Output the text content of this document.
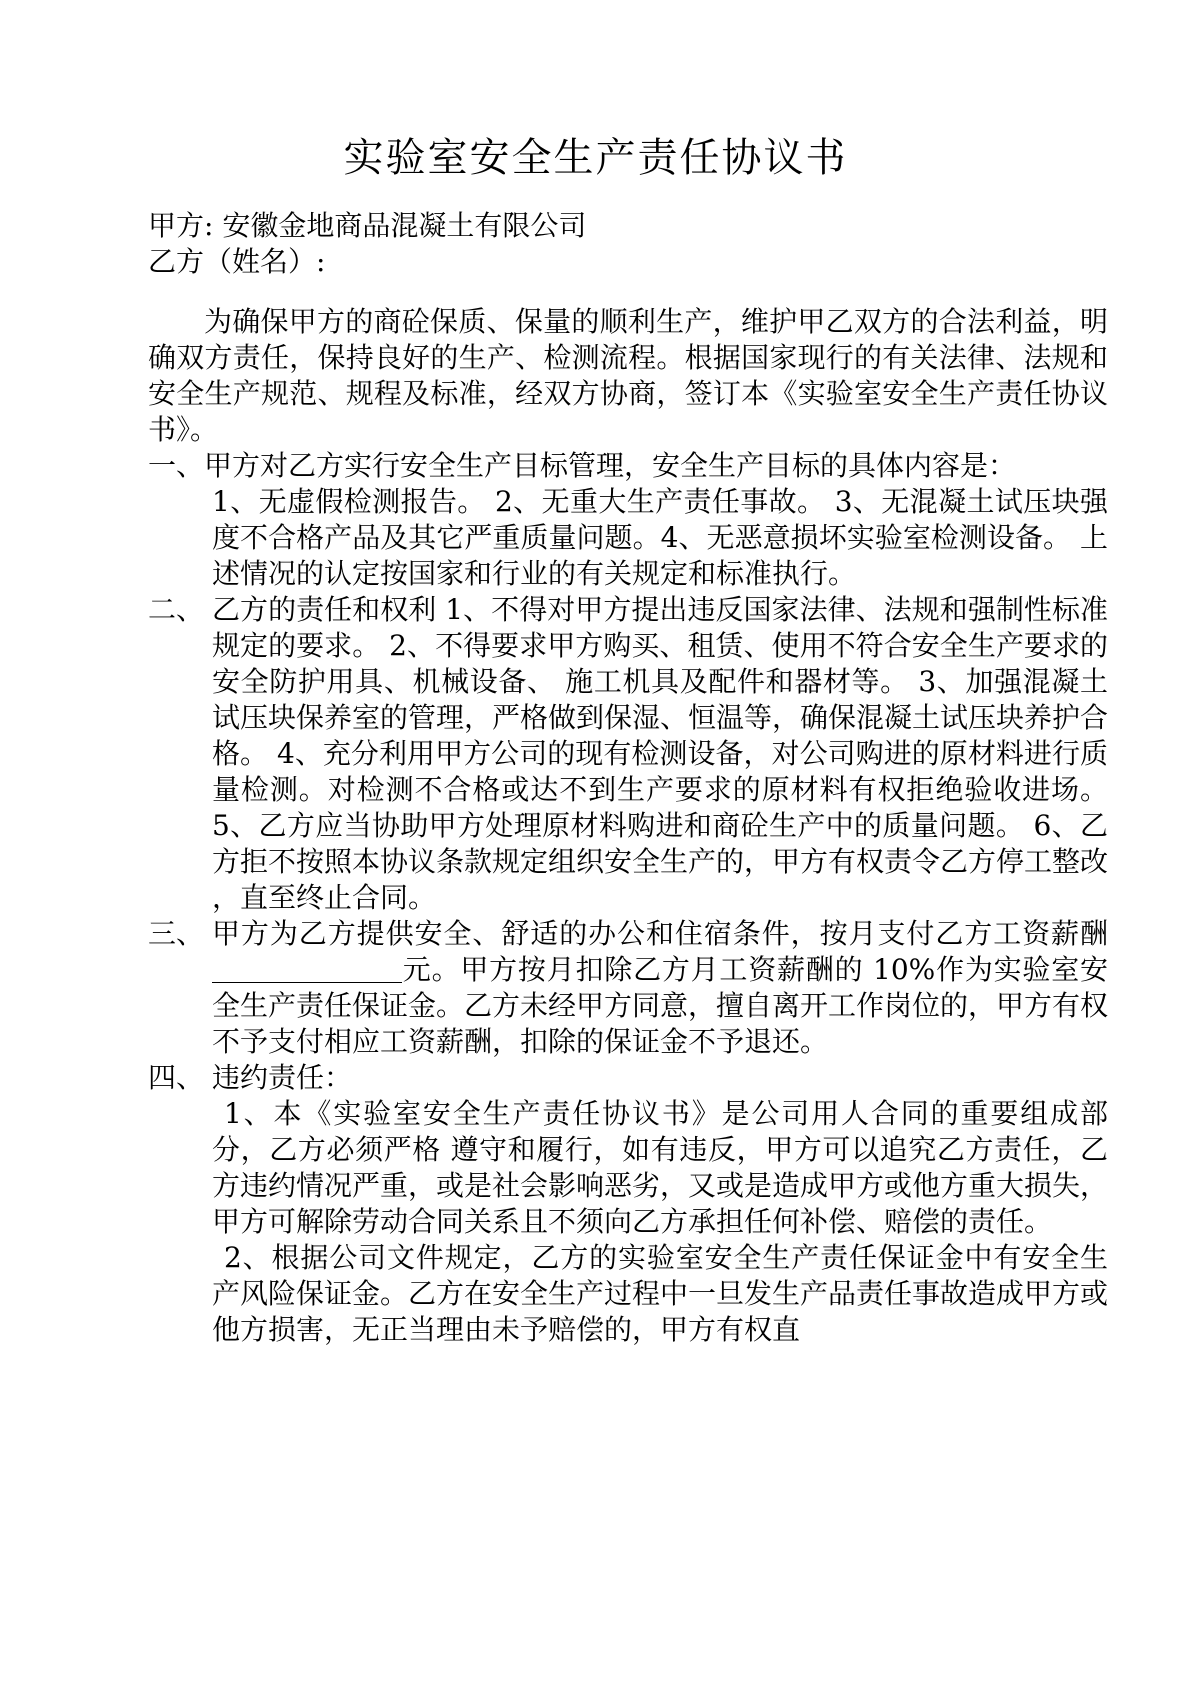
实验室安全生产责任协议书

甲方: 安徽金地商品混凝土有限公司

乙方（姓名）:

为确保甲方的商砼保质、保量的顺利生产，维护甲乙双方的合法利益，明确双方责任，保持良好的生产、检测流程。根据国家现行的有关法律、法规和安全生产规范、规程及标准，经双方协商，签订本《实验室安全生产责任协议书》。

一、甲方对乙方实行安全生产目标管理，安全生产目标的具体内容是：
1、无虚假检测报告。 2、无重大生产责任事故。 3、无混凝土试压块强度不合格产品及其它严重质量问题。4、无恶意损坏实验室检测设备。 上述情况的认定按国家和行业的有关规定和标准执行。
二、 乙方的责任和权利 1、不得对甲方提出违反国家法律、法规和强制性标准规定的要求。 2、不得要求甲方购买、租赁、使用不符合安全生产要求的安全防护用具、机械设备、 施工机具及配件和器材等。 3、加强混凝土试压块保养室的管理，严格做到保湿、恒温等，确保混凝土试压块养护合格。 4、充分利用甲方公司的现有检测设备，对公司购进的原材料进行质量检测。对检测不合格或达不到生产要求的原材料有权拒绝验收进场。5、乙方应当协助甲方处理原材料购进和商砼生产中的质量问题。 6、乙方拒不按照本协议条款规定组织安全生产的，甲方有权责令乙方停工整改 ，直至终止合同。
三、 甲方为乙方提供安全、舒适的办公和住宿条件，按月支付乙方工资薪酬元。甲方按月扣除乙方月工资薪酬的 10%作为实验室安全生产责任保证金。乙方未经甲方同意，擅自离开工作岗位的，甲方有权不予支付相应工资薪酬，扣除的保证金不予退还。
四、 违约责任：
1、本《实验室安全生产责任协议书》是公司用人合同的重要组成部分，乙方必须严格 遵守和履行，如有违反，甲方可以追究乙方责任，乙方违约情况严重，或是社会影响恶劣，又或是造成甲方或他方重大损失，甲方可解除劳动合同关系且不须向乙方承担任何补偿、赔偿的责任。
2、根据公司文件规定，乙方的实验室安全生产责任保证金中有安全生产风险保证金。乙方在安全生产过程中一旦发生产品责任事故造成甲方或他方损害，无正当理由未予赔偿的，甲方有权直
